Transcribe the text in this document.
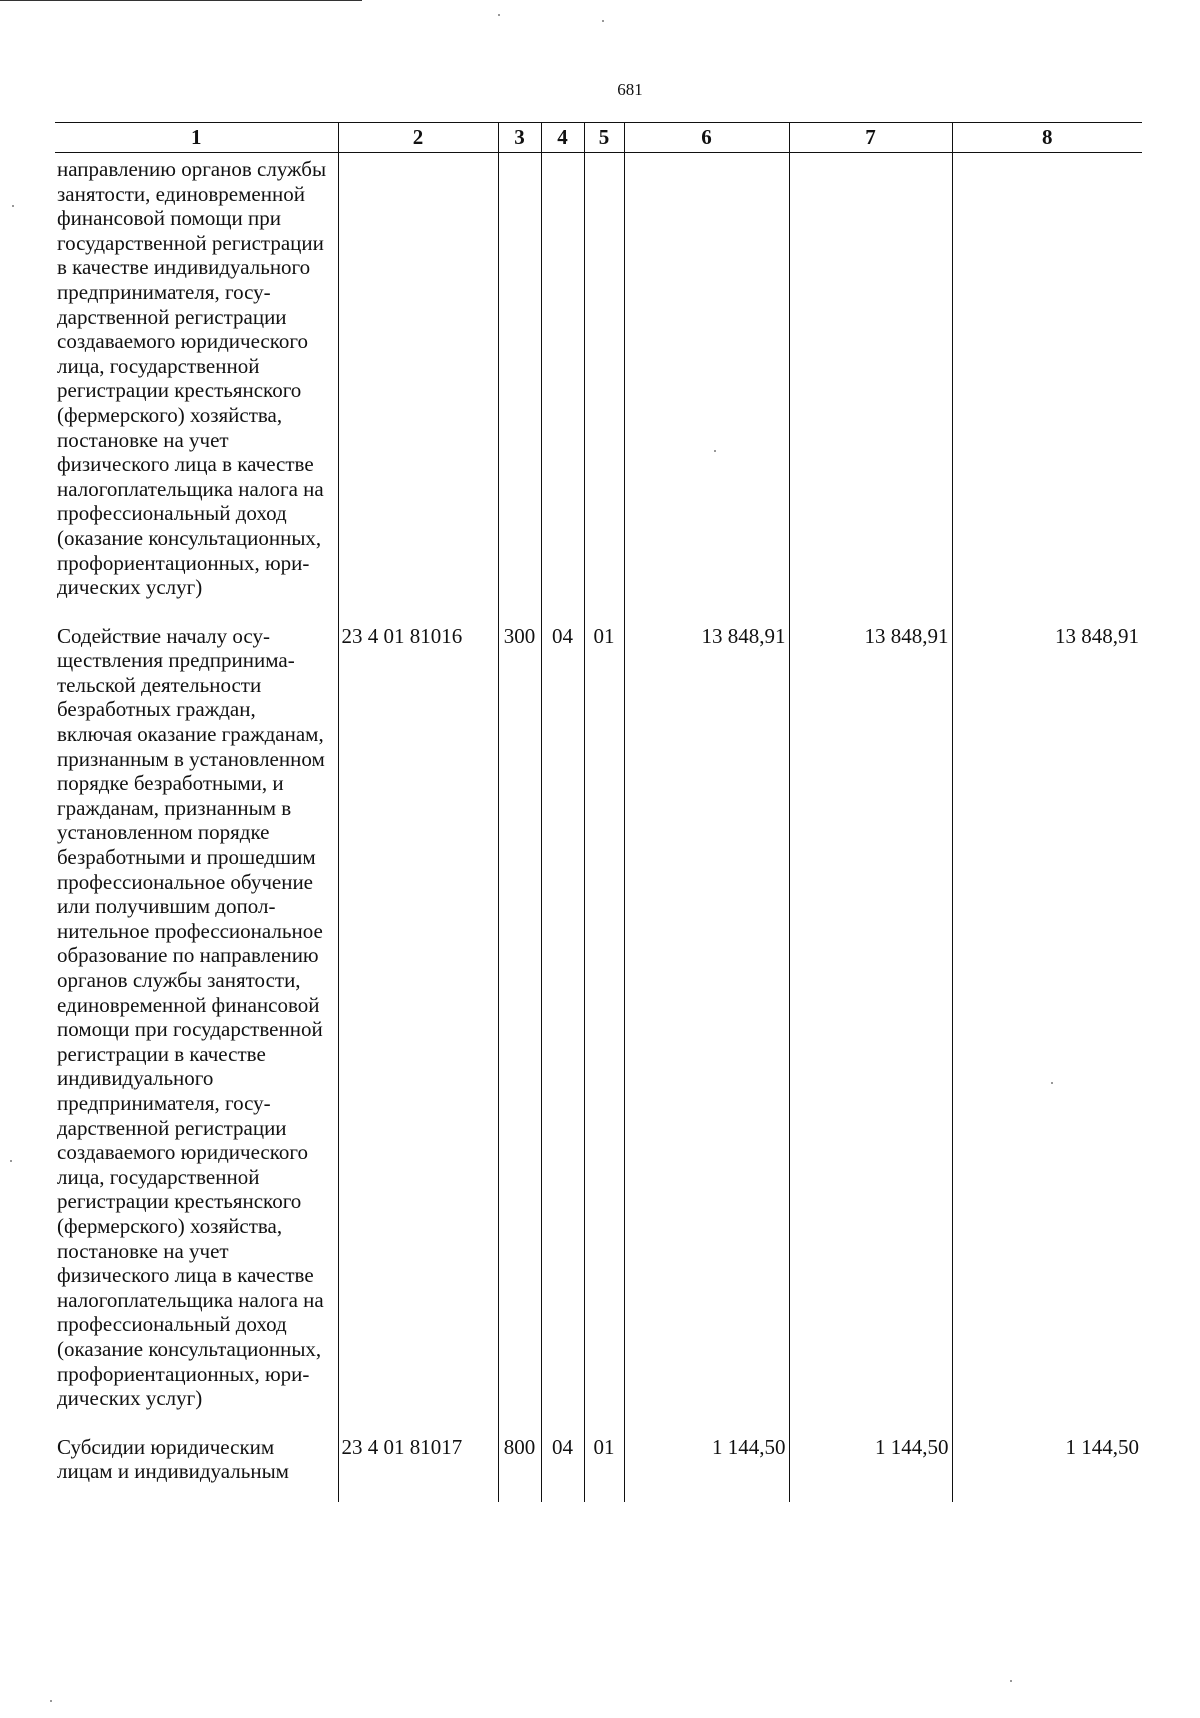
681
1	2	3	4	5	6	7	8
направлению органов службы занятости, единовременной финансовой помощи при государственной регистрации в качестве индивидуального предпринимателя, государственной регистрации создаваемого юридического лица, государственной регистрации крестьянского (фермерского) хозяйства, постановке на учет физического лица в качестве налогоплательщика налога на профессиональный доход (оказание консультационных, профориентационных, юридических услуг)							
Содействие началу осуществления предпринимательской деятельности безработных граждан, включая оказание гражданам, признанным в установленном порядке безработными, и гражданам, признанным в установленном порядке безработными и прошедшим профессиональное обучение или получившим дополнительное профессиональное образование по направлению органов службы занятости, единовременной финансовой помощи при государственной регистрации в качестве индивидуального предпринимателя, государственной регистрации создаваемого юридического лица, государственной регистрации крестьянского (фермерского) хозяйства, постановке на учет физического лица в качестве налогоплательщика налога на профессиональный доход (оказание консультационных, профориентационных, юридических услуг)	23 4 01 81016	300	04	01	13 848,91	13 848,91	13 848,91
Субсидии юридическим лицам и индивидуальным	23 4 01 81017	800	04	01	1 144,50	1 144,50	1 144,50
